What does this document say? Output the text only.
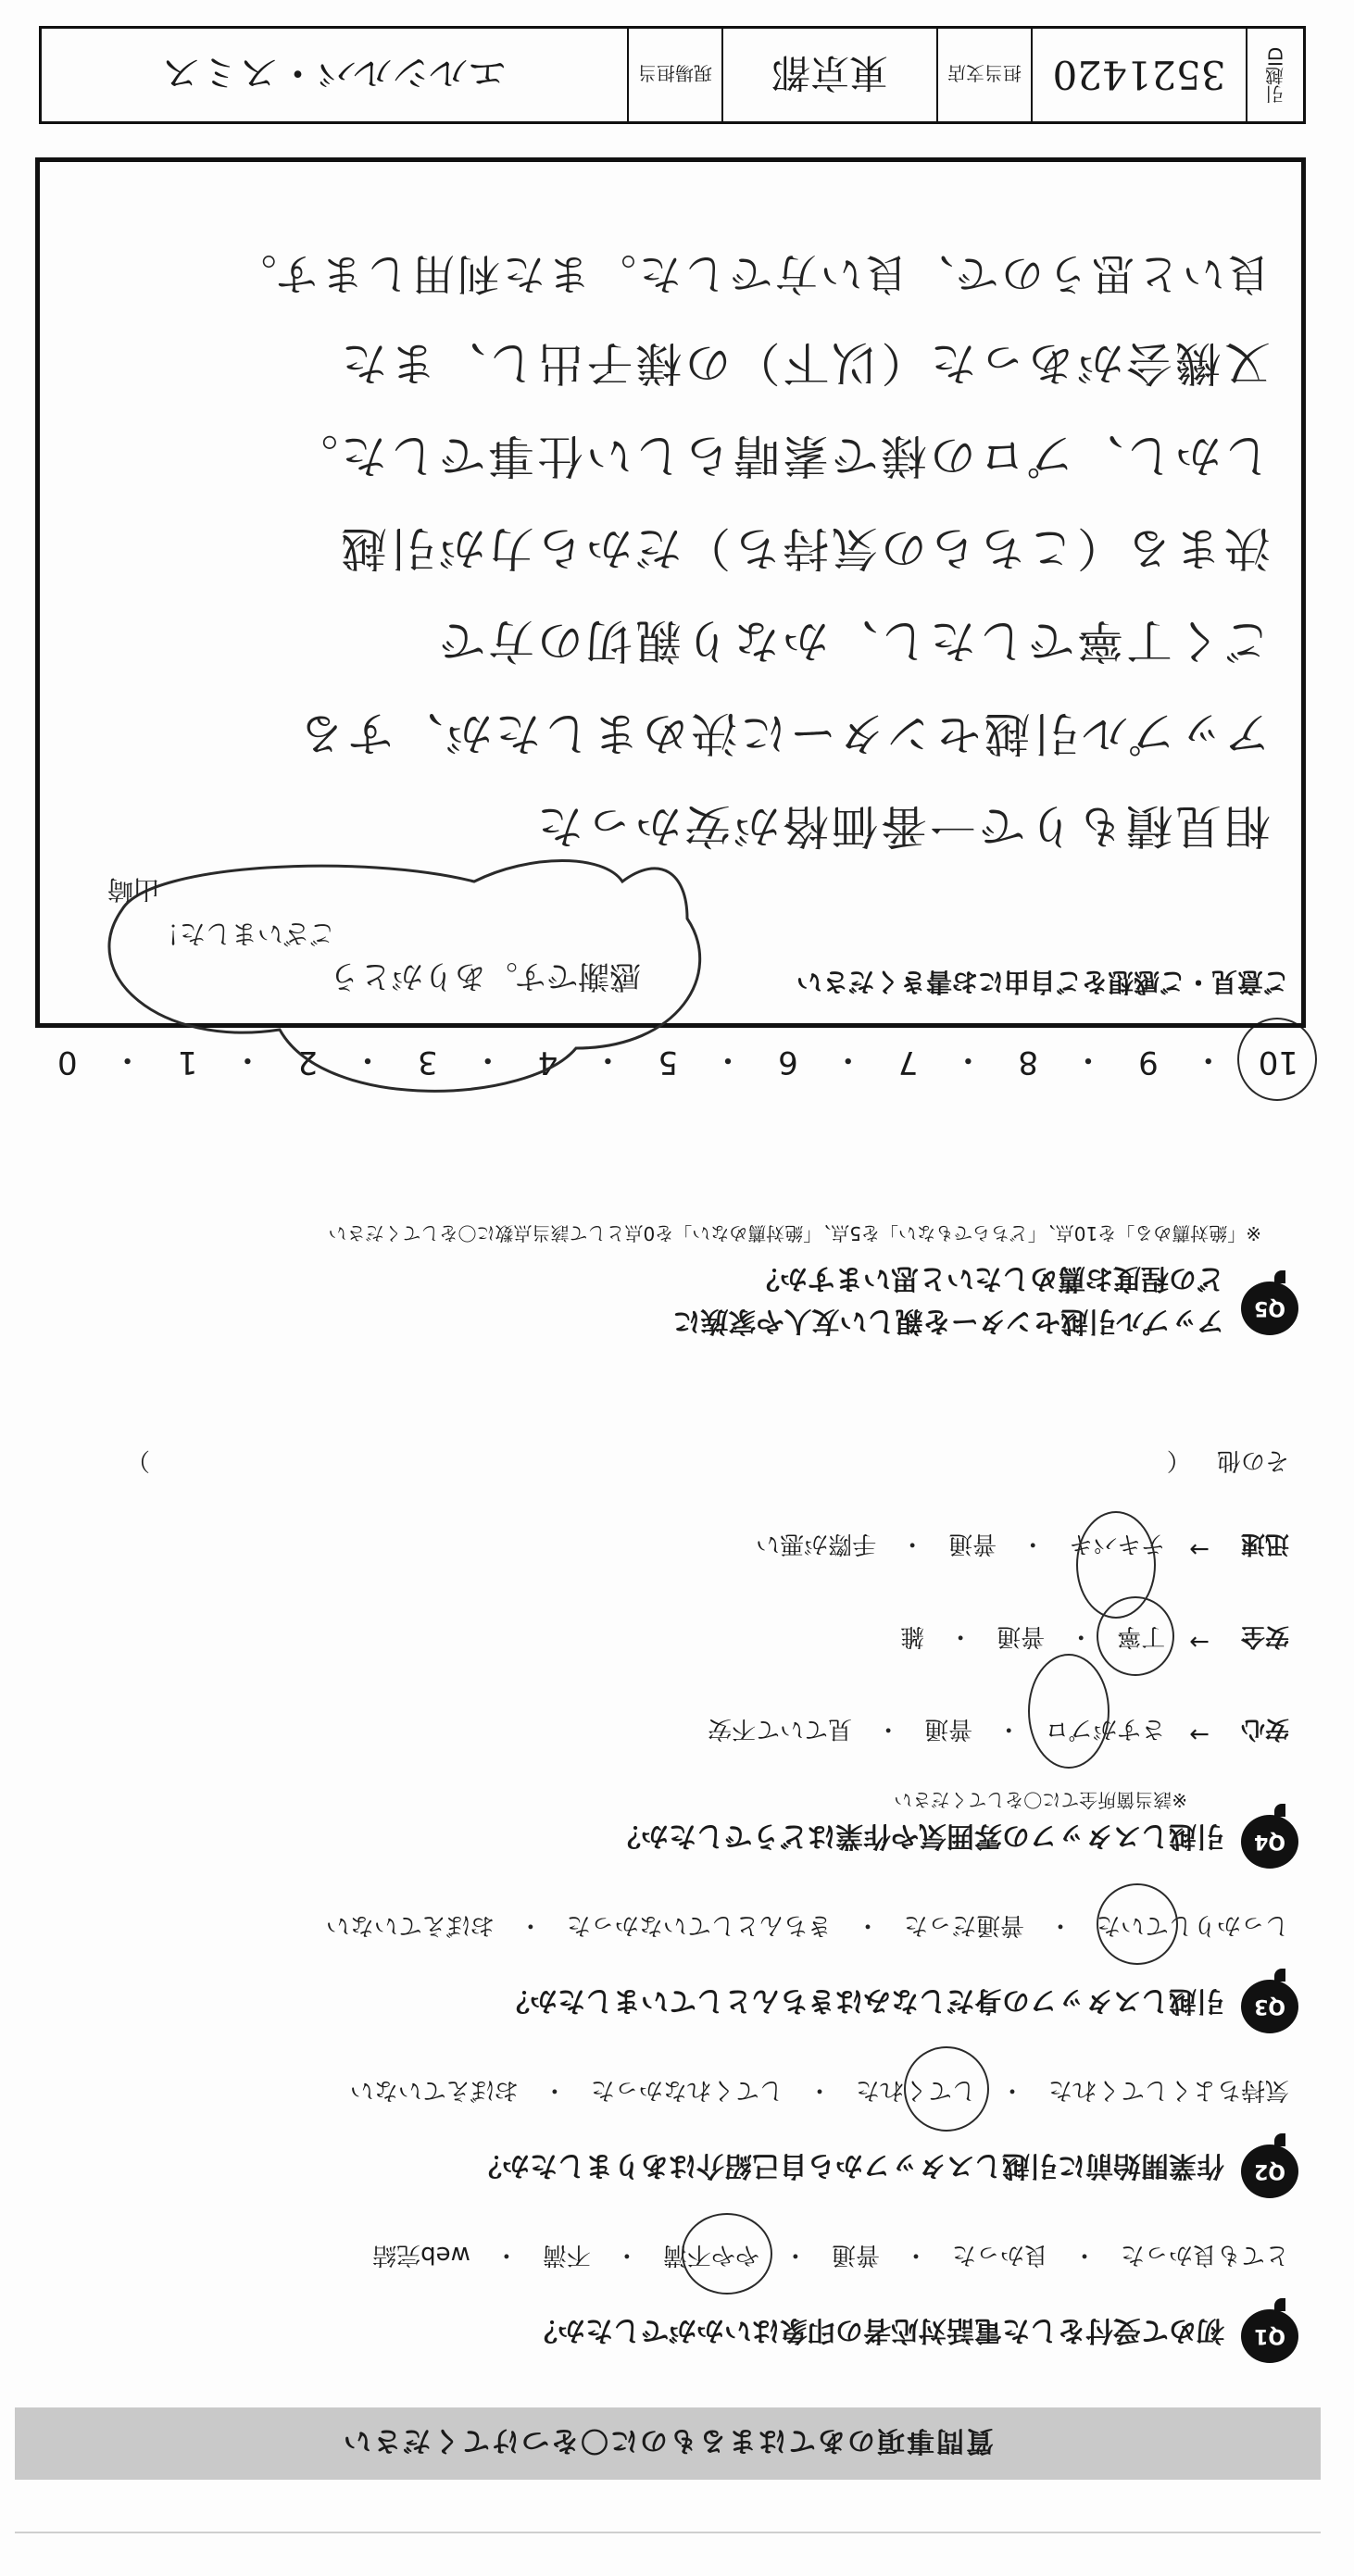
質問事項のあてはまるものに〇をつけてください
Q1
初めて受付をした電話対応者の印象はいかがでしたか？
とても良かった
・
良かった
・
普通
・
やや不満
・
不満
・
web完結
Q2
作業開始前に引越しスタッフから自己紹介はありましたか？
気持ちよくしてくれた
・
してくれた
・
してくれなかった
・
おぼえていない
Q3
引越しスタッフの身だしなみはきちんとしていましたか？
しっかりしていた
・
普通だった
・
きちんとしていなかった
・
おぼえていない
Q4
引越しスタッフの雰囲気や作業はどうでしたか？
※該当箇所全てに〇をしてください
安心
→
さすがプロ
・
普通
・
見ていて不安
安全
→
丁寧
・
普通
・
雑
迅速
→
テキパキ
・
普通
・
手際が悪い
その他 （
）
Q5
アップル引越センターを親しい友人や家族に
どの程度お薦めしたいと思いますか？
※「絶対薦める」を10点、「どちらでもない」を5点、「絶対薦めない」を0点として該当点数に〇をしてください
10
・
9
・
8
・
7
・
6
・
5
・
4
・
3
・
2
・
1
・
0
ご意見・ご感想をご自由にお書きください
感謝です。ありがとう
ございました！
山崎
相見積もりで一番価格が安かった
アップル引越センターに決めましたが、する
ごく丁寧でしたし、かなり親切の方で
決まる（こちらの気持ち）だから力が引越
しかし、プロの様で素晴らしい仕事でした。
又機会があった（以下）の様子出し、また
良いと思うので、良い方でした。また利用します。
引越ID
3521420
担当支店
東京都
現場担当
エルシルバ・スミス
